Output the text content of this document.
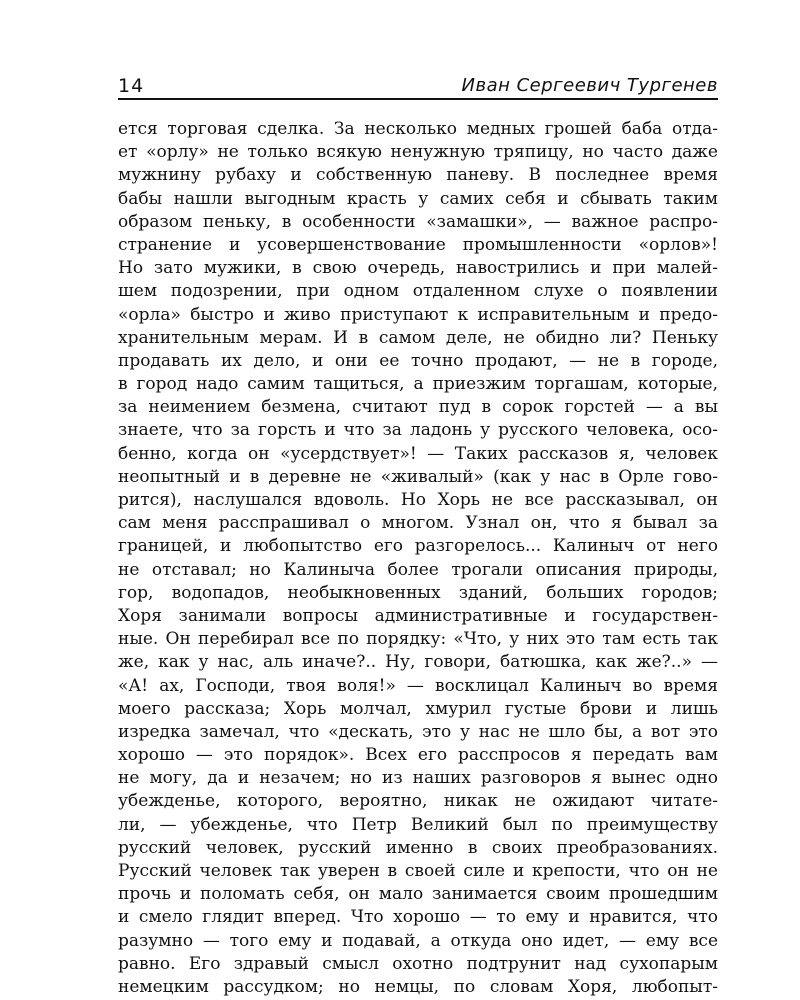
14	Иван Сергеевич Тургенев
ется торговая сделка. За несколько медных грошей баба отда-
ет «орлу» не только всякую ненужную тряпицу, но часто даже
мужнину рубаху и собственную паневу. В последнее время
бабы нашли выгодным красть у самих себя и сбывать таким
образом пеньку, в особенности «замашки», — важное распро-
странение и усовершенствование промышленности «орлов»!
Но зато мужики, в свою очередь, навострились и при малей-
шем подозрении, при одном отдаленном слухе о появлении
«орла» быстро и живо приступают к исправительным и предо-
хранительным мерам. И в самом деле, не обидно ли? Пеньку
продавать их дело, и они ее точно продают, — не в городе,
в город надо самим тащиться, а приезжим торгашам, которые,
за неимением безмена, считают пуд в сорок горстей — а вы
знаете, что за горсть и что за ладонь у русского человека, осо-
бенно, когда он «усердствует»! — Таких рассказов я, человек
неопытный и в деревне не «живалый» (как у нас в Орле гово-
рится), наслушался вдоволь. Но Хорь не все рассказывал, он
сам меня расспрашивал о многом. Узнал он, что я бывал за
границей, и любопытство его разгорелось... Калиныч от него
не отставал; но Калиныча более трогали описания природы,
гор, водопадов, необыкновенных зданий, больших городов;
Хоря занимали вопросы административные и государствен-
ные. Он перебирал все по порядку: «Что, у них это там есть так
же, как у нас, аль иначе?.. Ну, говори, батюшка, как же?..» —
«А! ах, Господи, твоя воля!» — восклицал Калиныч во время
моего рассказа; Хорь молчал, хмурил густые брови и лишь
изредка замечал, что «дескать, это у нас не шло бы, а вот это
хорошо — это порядок». Всех его расспросов я передать вам
не могу, да и незачем; но из наших разговоров я вынес одно
убежденье, которого, вероятно, никак не ожидают читате-
ли, — убежденье, что Петр Великий был по преимуществу
русский человек, русский именно в своих преобразованиях.
Русский человек так уверен в своей силе и крепости, что он не
прочь и поломать себя, он мало занимается своим прошедшим
и смело глядит вперед. Что хорошо — то ему и нравится, что
разумно — того ему и подавай, а откуда оно идет, — ему все
равно. Его здравый смысл охотно подтрунит над сухопарым
немецким рассудком; но немцы, по словам Хоря, любопыт-
